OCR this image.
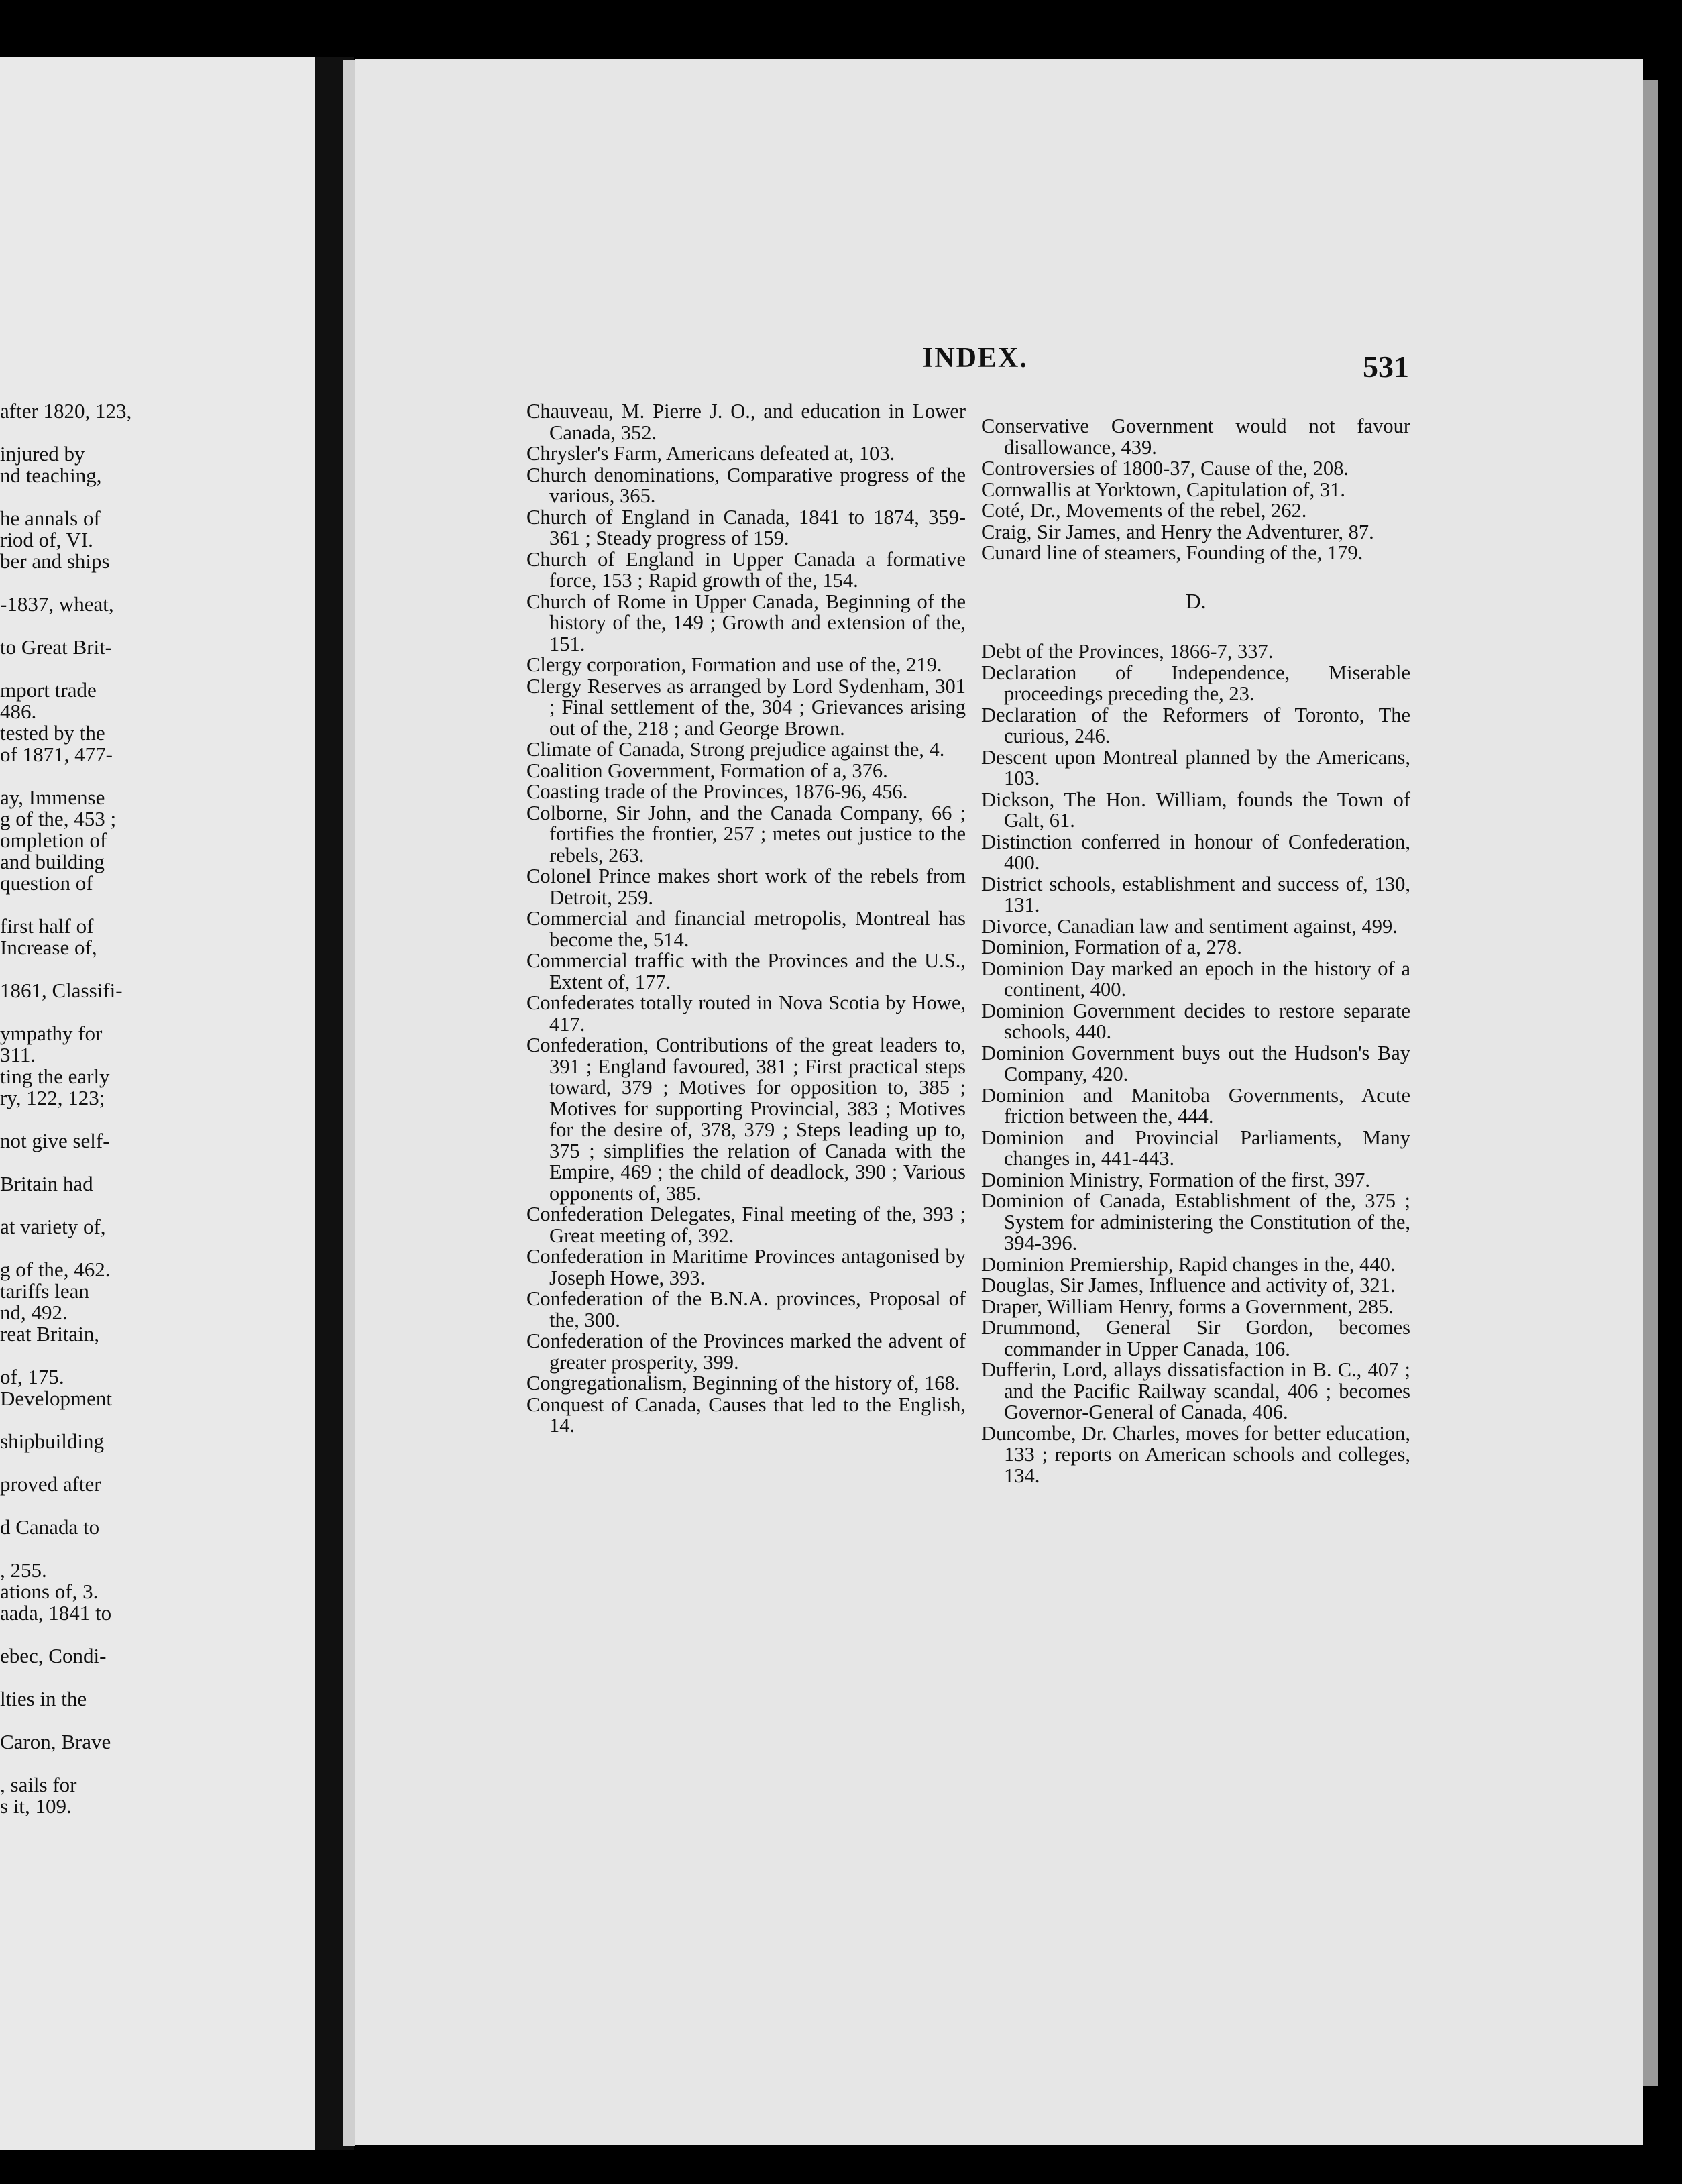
after 1820, 123,
injured by
nd teaching,
he annals of
riod of, VI.
ber and ships
-1837, wheat,
to Great Brit-
mport trade
486.
tested by the
of 1871, 477-
ay, Immense
g of the, 453 ;
ompletion of
and building
question of
first half of
Increase of,
1861, Classifi-
ympathy for
311.
ting the early
ry, 122, 123;
not give self-
Britain had
at variety of,
g of the, 462.
tariffs lean
nd, 492.
reat Britain,
of, 175.
Development
shipbuilding
proved after
d Canada to
, 255.
ations of, 3.
aada, 1841 to
ebec, Condi-
lties in the
Caron, Brave
, sails for
s it, 109.
INDEX.	531
Chauveau, M. Pierre J. O., and education in Lower Canada, 352.
Chrysler's Farm, Americans defeated at, 103.
Church denominations, Comparative progress of the various, 365.
Church of England in Canada, 1841 to 1874, 359-361 ; Steady progress of 159.
Church of England in Upper Canada a formative force, 153 ; Rapid growth of the, 154.
Church of Rome in Upper Canada, Beginning of the history of the, 149 ; Growth and extension of the, 151.
Clergy corporation, Formation and use of the, 219.
Clergy Reserves as arranged by Lord Sydenham, 301 ; Final settlement of the, 304 ; Grievances arising out of the, 218 ; and George Brown.
Climate of Canada, Strong prejudice against the, 4.
Coalition Government, Formation of a, 376.
Coasting trade of the Provinces, 1876-96, 456.
Colborne, Sir John, and the Canada Company, 66 ; fortifies the frontier, 257 ; metes out justice to the rebels, 263.
Colonel Prince makes short work of the rebels from Detroit, 259.
Commercial and financial metropolis, Montreal has become the, 514.
Commercial traffic with the Provinces and the U.S., Extent of, 177.
Confederates totally routed in Nova Scotia by Howe, 417.
Confederation, Contributions of the great leaders to, 391 ; England favoured, 381 ; First practical steps toward, 379 ; Motives for opposition to, 385 ; Motives for supporting Provincial, 383 ; Motives for the desire of, 378, 379 ; Steps leading up to, 375 ; simplifies the relation of Canada with the Empire, 469 ; the child of deadlock, 390 ; Various opponents of, 385.
Confederation Delegates, Final meeting of the, 393 ; Great meeting of, 392.
Confederation in Maritime Provinces antagonised by Joseph Howe, 393.
Confederation of the B.N.A. provinces, Proposal of the, 300.
Confederation of the Provinces marked the advent of greater prosperity, 399.
Congregationalism, Beginning of the history of, 168.
Conquest of Canada, Causes that led to the English, 14.
Conservative Government would not favour disallowance, 439.
Controversies of 1800-37, Cause of the, 208.
Cornwallis at Yorktown, Capitulation of, 31.
Coté, Dr., Movements of the rebel, 262.
Craig, Sir James, and Henry the Adventurer, 87.
Cunard line of steamers, Founding of the, 179.
D.
Debt of the Provinces, 1866-7, 337.
Declaration of Independence, Miserable proceedings preceding the, 23.
Declaration of the Reformers of Toronto, The curious, 246.
Descent upon Montreal planned by the Americans, 103.
Dickson, The Hon. William, founds the Town of Galt, 61.
Distinction conferred in honour of Confederation, 400.
District schools, establishment and success of, 130, 131.
Divorce, Canadian law and sentiment against, 499.
Dominion, Formation of a, 278.
Dominion Day marked an epoch in the history of a continent, 400.
Dominion Government decides to restore separate schools, 440.
Dominion Government buys out the Hudson's Bay Company, 420.
Dominion and Manitoba Governments, Acute friction between the, 444.
Dominion and Provincial Parliaments, Many changes in, 441-443.
Dominion Ministry, Formation of the first, 397.
Dominion of Canada, Establishment of the, 375 ; System for administering the Constitution of the, 394-396.
Dominion Premiership, Rapid changes in the, 440.
Douglas, Sir James, Influence and activity of, 321.
Draper, William Henry, forms a Government, 285.
Drummond, General Sir Gordon, becomes commander in Upper Canada, 106.
Dufferin, Lord, allays dissatisfaction in B. C., 407 ; and the Pacific Railway scandal, 406 ; becomes Governor-General of Canada, 406.
Duncombe, Dr. Charles, moves for better education, 133 ; reports on American schools and colleges, 134.
